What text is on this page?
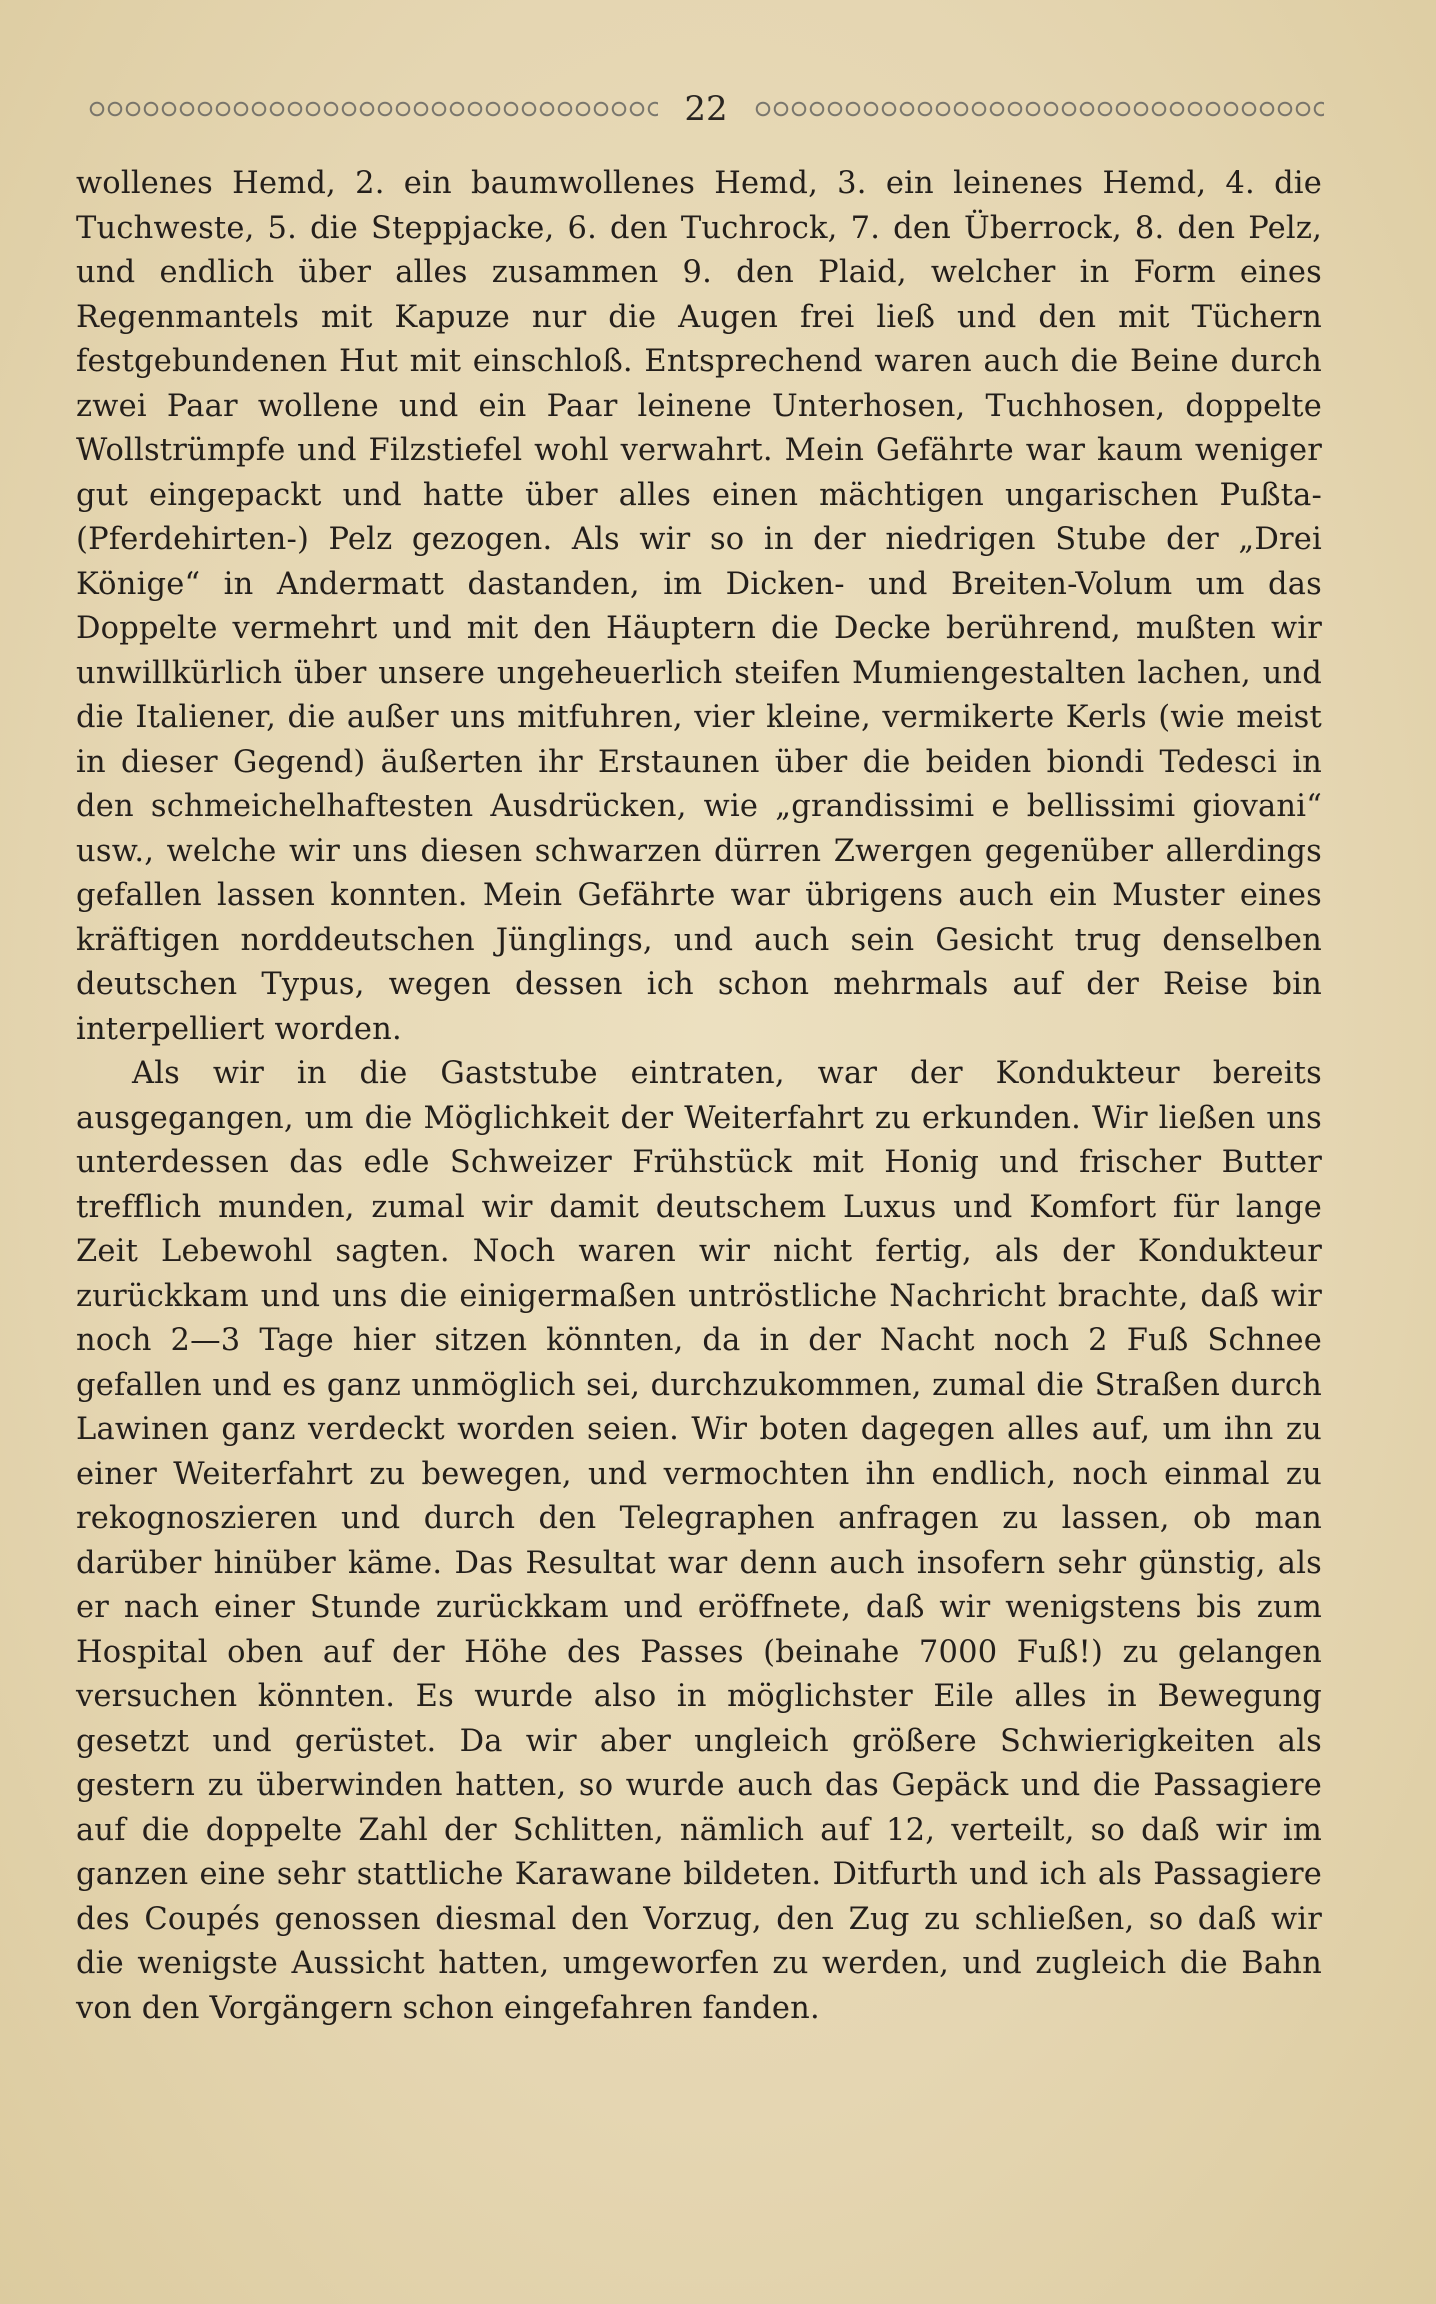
22

wollenes Hemd, 2. ein baumwollenes Hemd, 3. ein leinenes Hemd, 4. die Tuchweste, 5. die Steppjacke, 6. den Tuchrock, 7. den Überrock, 8. den Pelz, und endlich über alles zusammen 9. den Plaid, welcher in Form eines Regenmantels mit Kapuze nur die Augen frei ließ und den mit Tüchern festgebundenen Hut mit einschloß. Entsprechend waren auch die Beine durch zwei Paar wollene und ein Paar leinene Unterhosen, Tuchhosen, doppelte Wollstrümpfe und Filzstiefel wohl verwahrt. Mein Gefährte war kaum weniger gut eingepackt und hatte über alles einen mächtigen ungarischen Pußta- (Pferdehirten-) Pelz gezogen. Als wir so in der niedrigen Stube der „Drei Könige“ in Andermatt dastanden, im Dicken- und Breiten-Volum um das Doppelte vermehrt und mit den Häuptern die Decke berührend, mußten wir unwillkürlich über unsere ungeheuerlich steifen Mumiengestalten lachen, und die Italiener, die außer uns mitfuhren, vier kleine, vermikerte Kerls (wie meist in dieser Gegend) äußerten ihr Erstaunen über die beiden biondi Tedesci in den schmeichelhaftesten Ausdrücken, wie „grandissimi e bellissimi giovani“ usw., welche wir uns diesen schwarzen dürren Zwergen gegenüber allerdings gefallen lassen konnten. Mein Gefährte war übrigens auch ein Muster eines kräftigen norddeutschen Jünglings, und auch sein Gesicht trug denselben deutschen Typus, wegen dessen ich schon mehrmals auf der Reise bin interpelliert worden.

Als wir in die Gaststube eintraten, war der Kondukteur bereits ausgegangen, um die Möglichkeit der Weiterfahrt zu erkunden. Wir ließen uns unterdessen das edle Schweizer Frühstück mit Honig und frischer Butter trefflich munden, zumal wir damit deutschem Luxus und Komfort für lange Zeit Lebewohl sagten. Noch waren wir nicht fertig, als der Kondukteur zurückkam und uns die einigermaßen untröstliche Nachricht brachte, daß wir noch 2—3 Tage hier sitzen könnten, da in der Nacht noch 2 Fuß Schnee gefallen und es ganz unmöglich sei, durchzukommen, zumal die Straßen durch Lawinen ganz verdeckt worden seien. Wir boten dagegen alles auf, um ihn zu einer Weiterfahrt zu bewegen, und vermochten ihn endlich, noch einmal zu rekognoszieren und durch den Telegraphen anfragen zu lassen, ob man darüber hinüber käme. Das Resultat war denn auch insofern sehr günstig, als er nach einer Stunde zurückkam und eröffnete, daß wir wenigstens bis zum Hospital oben auf der Höhe des Passes (beinahe 7000 Fuß!) zu gelangen versuchen könnten. Es wurde also in möglichster Eile alles in Bewegung gesetzt und gerüstet. Da wir aber ungleich größere Schwierigkeiten als gestern zu überwinden hatten, so wurde auch das Gepäck und die Passagiere auf die doppelte Zahl der Schlitten, nämlich auf 12, verteilt, so daß wir im ganzen eine sehr stattliche Karawane bildeten. Ditfurth und ich als Passagiere des Coupés genossen diesmal den Vorzug, den Zug zu schließen, so daß wir die wenigste Aussicht hatten, umgeworfen zu werden, und zugleich die Bahn von den Vorgängern schon eingefahren fanden.
